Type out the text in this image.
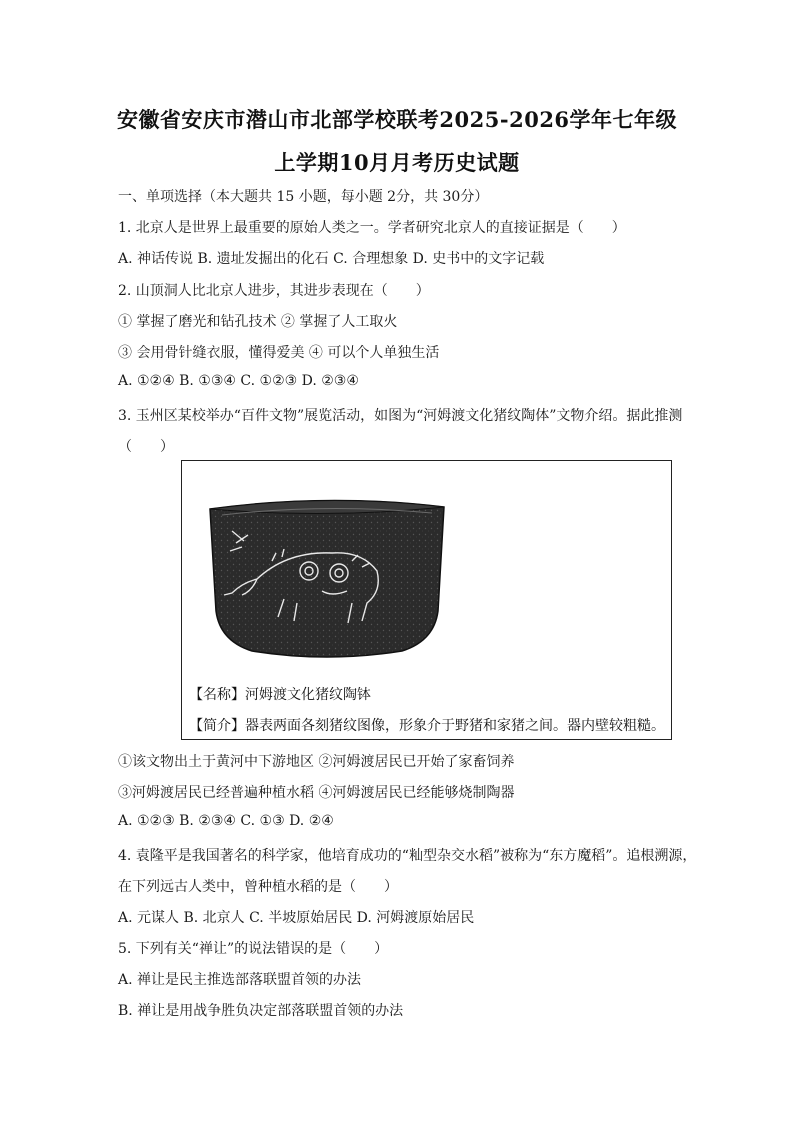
安徽省安庆市潜山市北部学校联考2025-2026学年七年级
上学期10月月考历史试题
一、单项选择（本大题共 15 小题，每小题 2分，共 30分）
1. 北京人是世界上最重要的原始人类之一。学者研究北京人的直接证据是（　　）
A. 神话传说 B. 遗址发掘出的化石 C. 合理想象 D. 史书中的文字记载
2. 山顶洞人比北京人进步，其进步表现在（　　）
① 掌握了磨光和钻孔技术 ② 掌握了人工取火
③ 会用骨针缝衣服，懂得爱美 ④ 可以个人单独生活
A. ①②④ B. ①③④ C. ①②③ D. ②③④
3. 玉州区某校举办“百件文物”展览活动，如图为“河姆渡文化猪纹陶体”文物介绍。据此推测
（　　）
【名称】河姆渡文化猪纹陶钵
【简介】器表两面各刻猪纹图像，形象介于野猪和家猪之间。器内壁较粗糙。
①该文物出土于黄河中下游地区 ②河姆渡居民已开始了家畜饲养
③河姆渡居民已经普遍种植水稻 ④河姆渡居民已经能够烧制陶器
A. ①②③ B. ②③④ C. ①③ D. ②④
4. 袁隆平是我国著名的科学家，他培育成功的“籼型杂交水稻”被称为“东方魔稻”。追根溯源，
在下列远古人类中，曾种植水稻的是（　　）
A. 元谋人 B. 北京人 C. 半坡原始居民 D. 河姆渡原始居民
5. 下列有关“禅让”的说法错误的是（　　）
A. 禅让是民主推选部落联盟首领的办法
B. 禅让是用战争胜负决定部落联盟首领的办法
